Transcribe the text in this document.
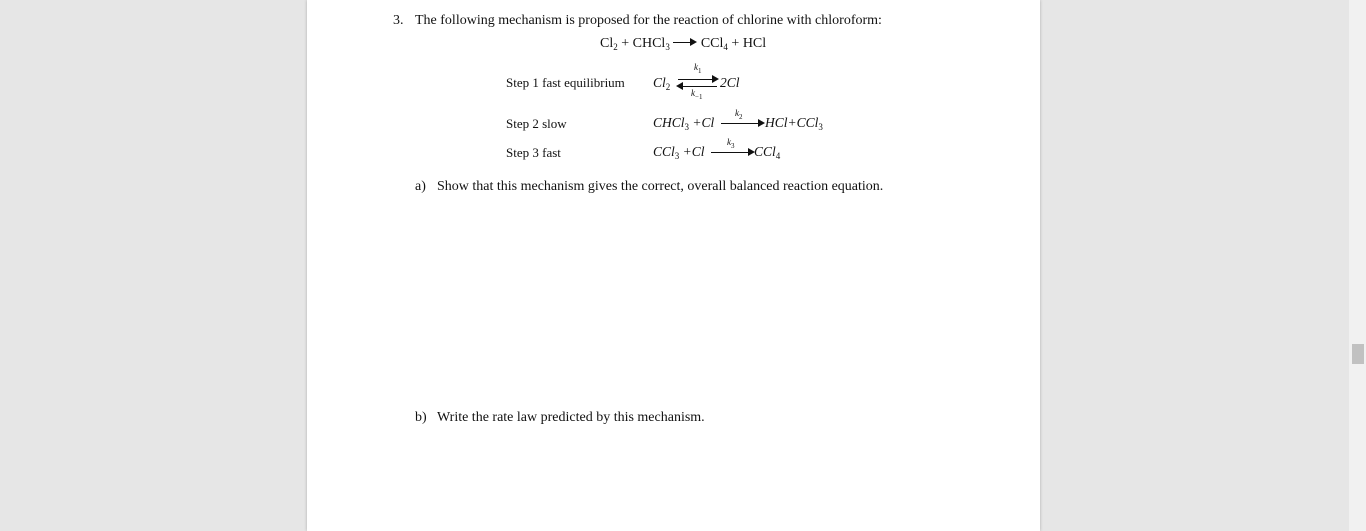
3. The following mechanism is proposed for the reaction of chlorine with chloroform:
$Cl_2$ + CHCl$_3$ CCl$_4$ + HCl
Step 1 fast equilibrium $Cl_2$
$k_1$
$k_{-1}$
2Cl
Step 2 slow	CHCl$_3$ +Cl
$k_2$ HCl+CCl$_3$
Step 3 fast	CCl$_3$ +Cl
$k_3$ CCl$_4$
a) Show that this mechanism gives the correct, overall balanced reaction equation.
b) Write the rate law predicted by this mechanism.
